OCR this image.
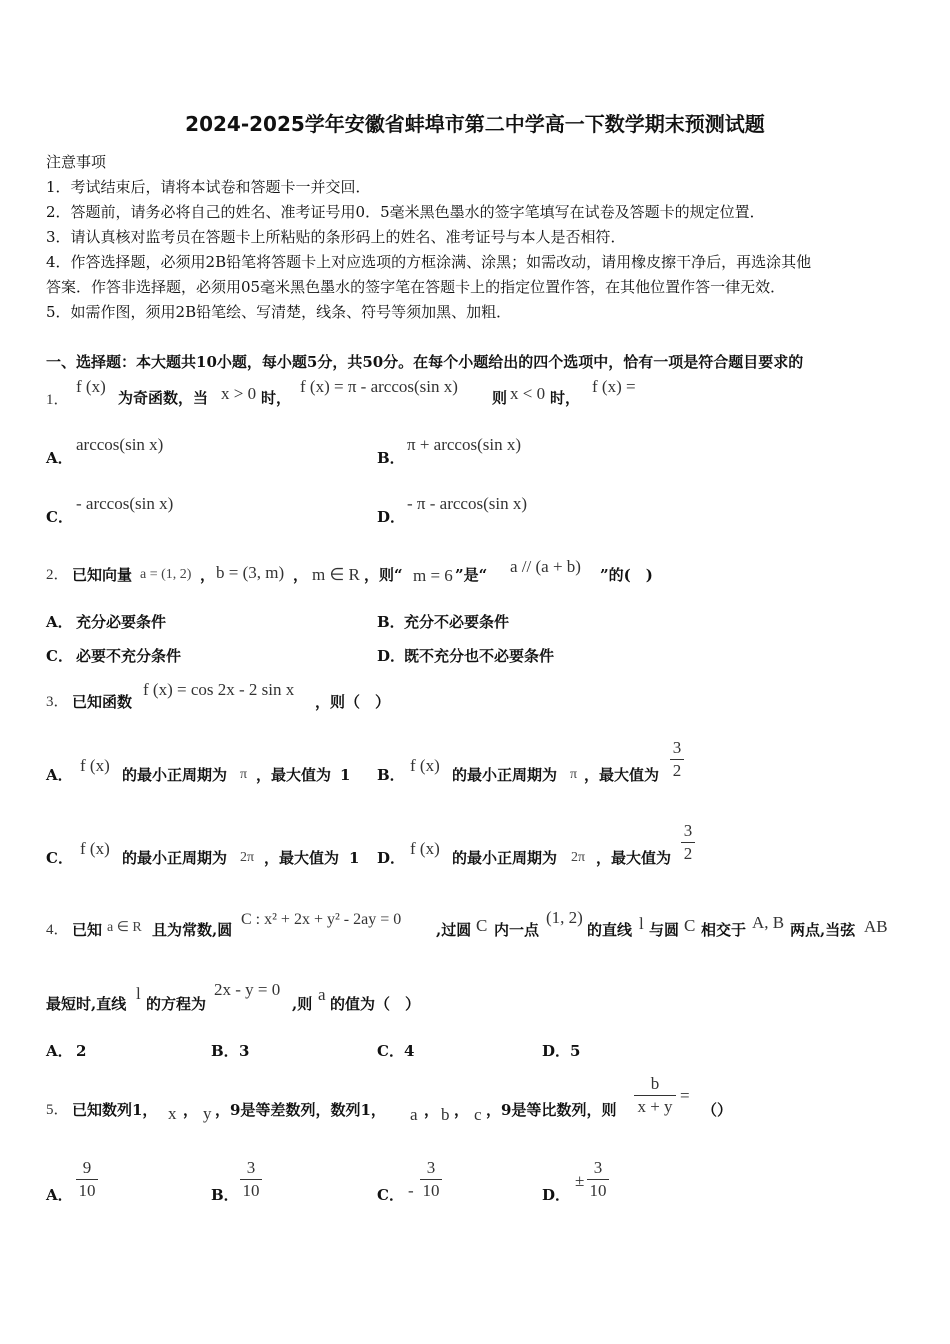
2024-2025学年安徽省蚌埠市第二中学高一下数学期末预测试题
注意事项
1．考试结束后，请将本试卷和答题卡一并交回．
2．答题前，请务必将自己的姓名、准考证号用0．5毫米黑色墨水的签字笔填写在试卷及答题卡的规定位置．
3．请认真核对监考员在答题卡上所粘贴的条形码上的姓名、准考证号与本人是否相符．
4．作答选择题，必须用2B铅笔将答题卡上对应选项的方框涂满、涂黑；如需改动，请用橡皮擦干净后，再选涂其他
答案．作答非选择题，必须用05毫米黑色墨水的签字笔在答题卡上的指定位置作答，在其他位置作答一律无效．
5．如需作图，须用2B铅笔绘、写清楚，线条、符号等须加黑、加粗．
一、选择题：本大题共10小题，每小题5分，共50分。在每个小题给出的四个选项中，恰有一项是符合题目要求的
1．
f (x)
为奇函数，当 x > 0 时，
f (x) = π - arccos(sin x)
则 x < 0 时，
f (x) =
A．
arccos(sin x)
B．
π + arccos(sin x)
C．
- arccos(sin x)
D．
- π - arccos(sin x)
2． 已知向量 a = (1, 2) ， b = (3, m) ， m ∈ R ，则“ m = 6 ”是“ a // (a + b) ”的(　)
A． 充分必要条件	B． 充分不必要条件
C． 必要不充分条件	D．
既不充分也不必要条件
3． 已知函数
f (x) = cos 2x - 2 sin x
，则（　）
A． f (x) 的最小正周期为 π ，最大值为 1 B． f (x) 的最小正周期为 π ，最大值为
3
2
C． f (x) 的最小正周期为 2π ，最大值为 1 D． f (x) 的最小正周期为 2π ，最大值为
3
2
4． 已知 a ∈ R 且为常数,圆
C : x² + 2x + y² - 2ay = 0
,过圆 C 内一点
(1, 2)
的直线 l 与圆 C 相交于 A, B 两点,当弦 AB
最短时,直线
l
的方程为
2x - y = 0
,则 a 的值为（　）
A． 2	B． 3	C． 4	D． 5
5． 已知数列1， x ， y ，9是等差数列，数列1， a ， b ， c ，9是等比数列，则
b
x + y
=
（）
A．
9
10	B．
3
10	C． -
3
10	D．
±
3
10
